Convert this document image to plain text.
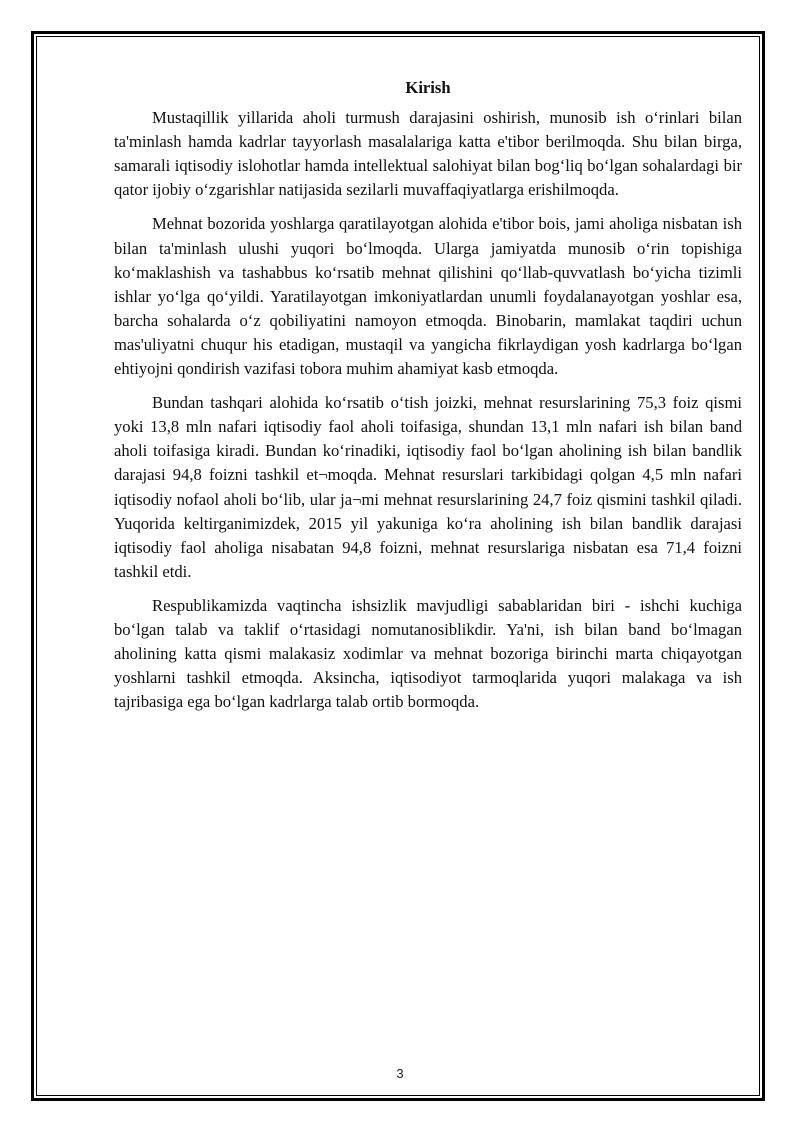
Kirish

Mustaqillik yillarida aholi turmush darajasini oshirish, munosib ish o‘rinlari bilan ta'minlash hamda kadrlar tayyorlash masalalariga katta e'tibor berilmoqda. Shu bilan birga, samarali iqtisodiy islohotlar hamda intellektual salohiyat bilan bog‘liq bo‘lgan sohalardagi bir qator ijobiy o‘zgarishlar natijasida sezilarli muvaffaqiyatlarga erishilmoqda.

Mehnat bozorida yoshlarga qaratilayotgan alohida e'tibor bois, jami aholiga nisbatan ish bilan ta'minlash ulushi yuqori bo‘lmoqda. Ularga jamiyatda munosib o‘rin topishiga ko‘maklashish va tashabbus ko‘rsatib mehnat qilishini qo‘llab-quvvatlash bo‘yicha tizimli ishlar yo‘lga qo‘yildi. Yaratilayotgan imkoniyatlardan unumli foydalanayotgan yoshlar esa, barcha sohalarda o‘z qobiliyatini namoyon etmoqda. Binobarin, mamlakat taqdiri uchun mas'uliyatni chuqur his etadigan, mustaqil va yangicha fikrlaydigan yosh kadrlarga bo‘lgan ehtiyojni qondirish vazifasi tobora muhim ahamiyat kasb etmoqda.

Bundan tashqari alohida ko‘rsatib o‘tish joizki, mehnat resurslarining 75,3 foiz qismi yoki 13,8 mln nafari iqtisodiy faol aholi toifasiga, shundan 13,1 mln nafari ish bilan band aholi toifasiga kiradi. Bundan ko‘rinadiki, iqtisodiy faol bo‘lgan aholining ish bilan bandlik darajasi 94,8 foizni tashkil et¬moqda. Mehnat resurslari tarkibidagi qolgan 4,5 mln nafari iqtisodiy nofaol aholi bo‘lib, ular ja¬mi mehnat resurslarining 24,7 foiz qismini tashkil qiladi. Yuqorida keltirganimizdek, 2015 yil yakuniga ko‘ra aholining ish bilan bandlik darajasi iqtisodiy faol aholiga nisabatan 94,8 foizni, mehnat resurslariga nisbatan esa 71,4 foizni tashkil etdi.

Respublikamizda vaqtincha ishsizlik mavjudligi sabablaridan biri - ishchi kuchiga bo‘lgan talab va taklif o‘rtasidagi nomutanosiblikdir. Ya'ni, ish bilan band bo‘lmagan aholining katta qismi malakasiz xodimlar va mehnat bozoriga birinchi marta chiqayotgan yoshlarni tashkil etmoqda. Aksincha, iqtisodiyot tarmoqlarida yuqori malakaga va ish tajribasiga ega bo‘lgan kadrlarga talab ortib bormoqda.

3
